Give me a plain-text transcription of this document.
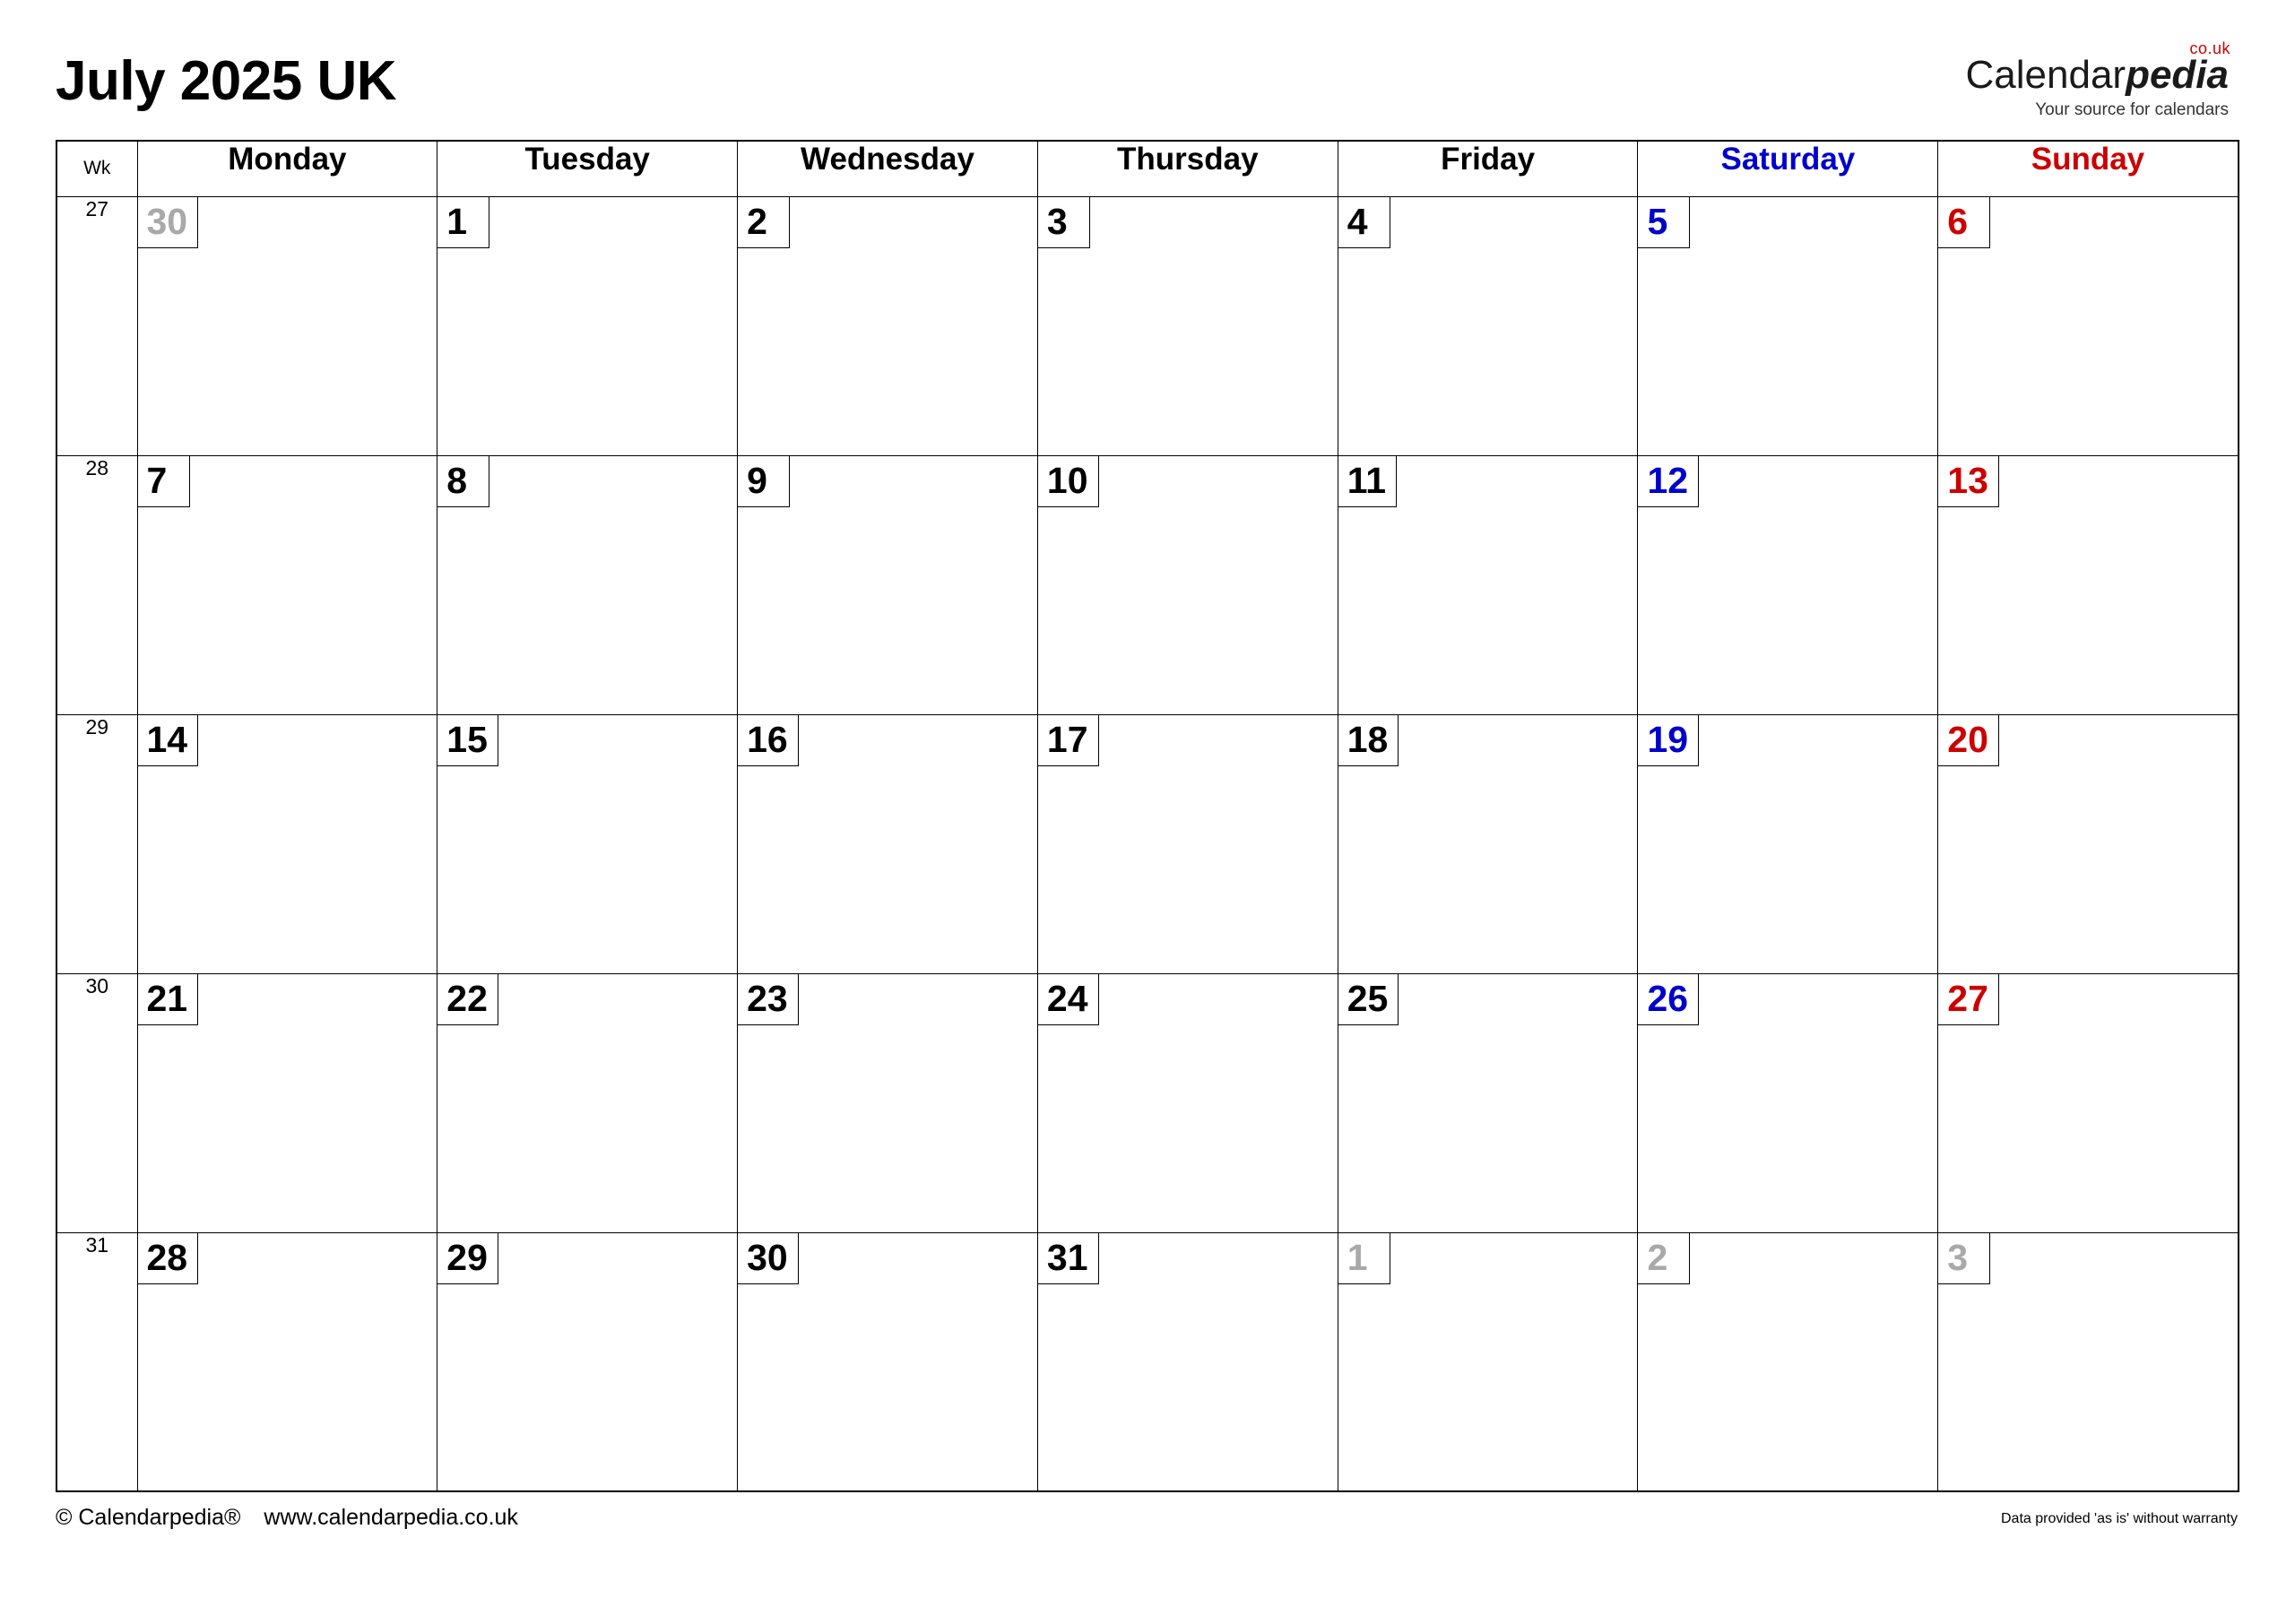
July 2025 UK
co.uk
Calendarpedia
Your source for calendars
Wk	Monday	Tuesday	Wednesday	Thursday	Friday	Saturday	Sunday
27	30	1	2	3	4	5	6
28	7	8	9	10	11	12	13
29	14	15	16	17	18	19	20
30	21	22	23	24	25	26	27
31	28	29	30	31	1	2	3
© Calendarpedia® www.calendarpedia.co.uk	Data provided 'as is' without warranty
